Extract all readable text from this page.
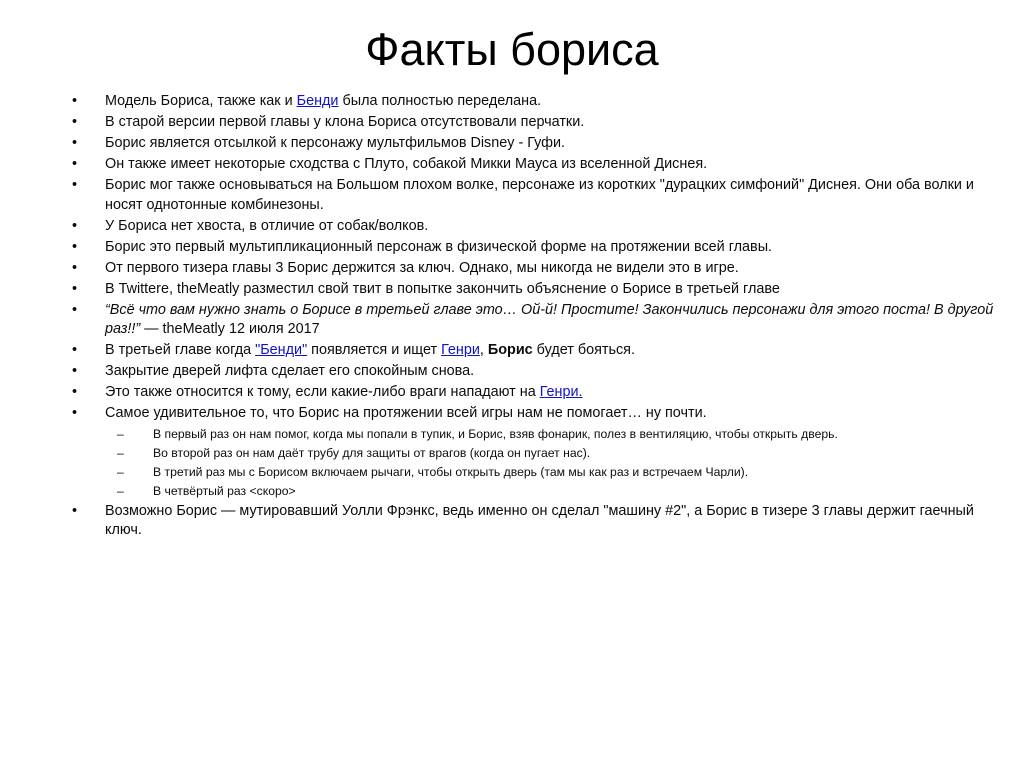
Факты бориса
•	Модель Бориса, также как и Бенди была полностью переделана.
•	В старой версии первой главы у клона Бориса отсутствовали перчатки.
•	Борис является отсылкой к персонажу мультфильмов Disney - Гуфи.
•	Он также имеет некоторые сходства с Плуто, собакой Микки Мауса из вселенной Диснея.
•	Борис мог также основываться на Большом плохом волке, персонаже из коротких "дурацких симфоний" Диснея. Они оба волки и носят однотонные комбинезоны.
•	У Бориса нет хвоста, в отличие от собак/волков.
•	Борис это первый мультипликационный персонаж в физической форме на протяжении всей главы.
•	От первого тизера главы 3 Борис держится за ключ. Однако, мы никогда не видели это в игре.
•	В Twittere, theMeatly разместил свой твит в попытке закончить объяснение о Борисе в третьей главе
•	“Всё что вам нужно знать о Борисе в третьей главе это… Ой-й! Простите! Закончились персонажи для этого поста! В другой раз!!” — theMeatly 12 июля 2017
•	В третьей главе когда "Бенди" появляется и ищет Генри, Борис будет бояться.
•	Закрытие дверей лифта сделает его спокойным снова.
•	Это также относится к тому, если какие-либо враги нападают на Генри.
•	Самое удивительное то, что Борис на протяжении всей игры нам не помогает… ну почти.
– В первый раз он нам помог, когда мы попали в тупик, и Борис, взяв фонарик, полез в вентиляцию, чтобы открыть дверь.
– Во второй раз он нам даёт трубу для защиты от врагов (когда он пугает нас).
– В третий раз мы с Борисом включаем рычаги, чтобы открыть дверь (там мы как раз и встречаем Чарли).
– В четвёртый раз <скоро>
•	Возможно Борис — мутировавший Уолли Фрэнкс, ведь именно он сделал "машину #2", а Борис в тизере 3 главы держит гаечный ключ.
